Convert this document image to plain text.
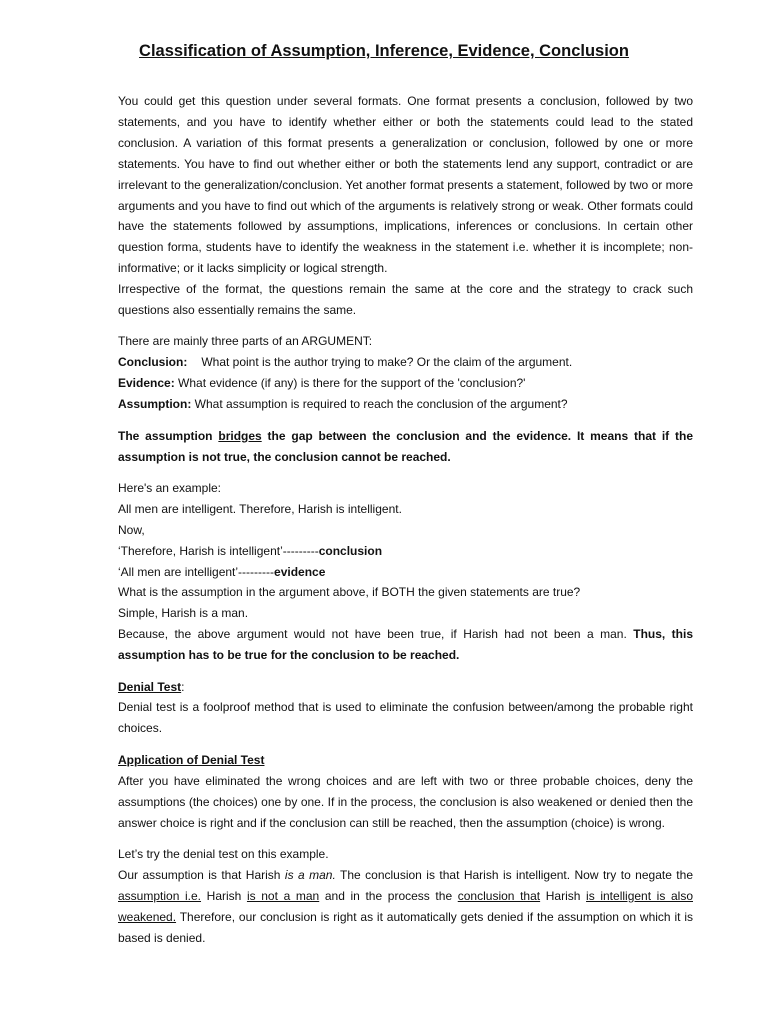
Classification of Assumption, Inference, Evidence, Conclusion

You could get this question under several formats. One format presents a conclusion, followed by two statements, and you have to identify whether either or both the statements could lead to the stated conclusion. A variation of this format presents a generalization or conclusion, followed by one or more statements. You have to find out whether either or both the statements lend any support, contradict or are irrelevant to the generalization/conclusion. Yet another format presents a statement, followed by two or more arguments and you have to find out which of the arguments is relatively strong or weak. Other formats could have the statements followed by assumptions, implications, inferences or conclusions. In certain other question forma, students have to identify the weakness in the statement i.e. whether it is incomplete; non-informative; or it lacks simplicity or logical strength.

Irrespective of the format, the questions remain the same at the core and the strategy to crack such questions also essentially remains the same.

There are mainly three parts of an ARGUMENT:

Conclusion: What point is the author trying to make? Or the claim of the argument.

Evidence: What evidence (if any) is there for the support of the 'conclusion?'

Assumption: What assumption is required to reach the conclusion of the argument?

The assumption bridges the gap between the conclusion and the evidence. It means that if the assumption is not true, the conclusion cannot be reached.

Here's an example:

All men are intelligent. Therefore, Harish is intelligent.

Now,

‘Therefore, Harish is intelligent’---------conclusion

‘All men are intelligent’---------evidence

What is the assumption in the argument above, if BOTH the given statements are true?

Simple, Harish is a man.

Because, the above argument would not have been true, if Harish had not been a man. Thus, this assumption has to be true for the conclusion to be reached.

Denial Test:

Denial test is a foolproof method that is used to eliminate the confusion between/among the probable right choices.

Application of Denial Test

After you have eliminated the wrong choices and are left with two or three probable choices, deny the assumptions (the choices) one by one. If in the process, the conclusion is also weakened or denied then the answer choice is right and if the conclusion can still be reached, then the assumption (choice) is wrong.

Let’s try the denial test on this example.

Our assumption is that Harish is a man. The conclusion is that Harish is intelligent. Now try to negate the assumption i.e. Harish is not a man and in the process the conclusion that Harish is intelligent is also weakened. Therefore, our conclusion is right as it automatically gets denied if the assumption on which it is based is denied.
